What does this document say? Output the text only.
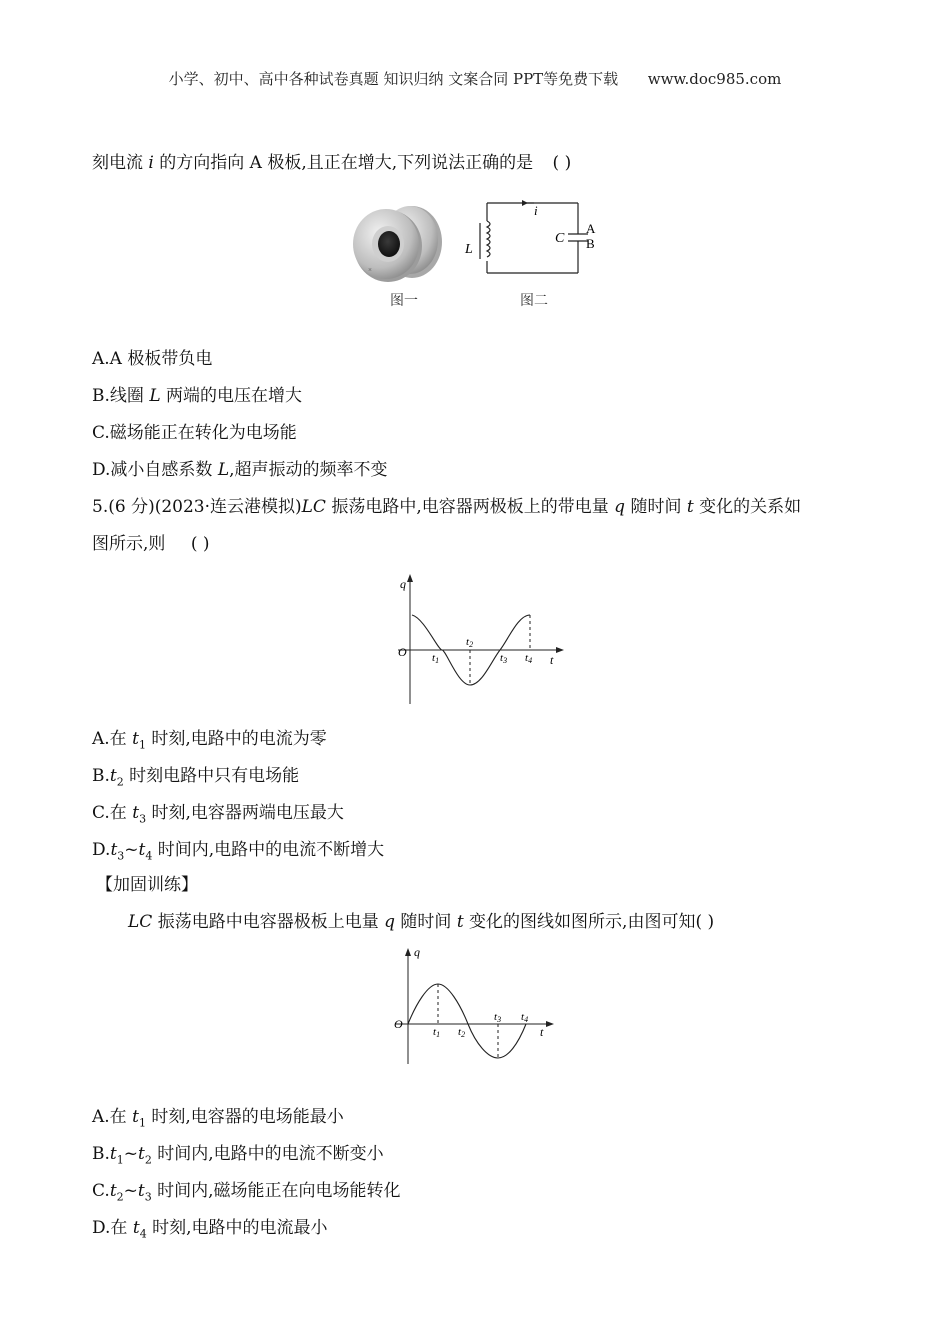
小学、初中、高中各种试卷真题 知识归纳 文案合同 PPT等免费下载 www.doc985.com
刻电流 i 的方向指向 A 极板,且正在增大,下列说法正确的是 ( )
×
图一
i
L
C
A
B
图二
A.A 极板带负电
B.线圈 L 两端的电压在增大
C.磁场能正在转化为电场能
D.减小自感系数 L,超声振动的频率不变
5.(6 分)(2023·连云港模拟)LC 振荡电路中,电容器两极板上的带电量 q 随时间 t 变化的关系如
图所示,则 ( )
q
t
O t1
t2
t3 t4
A.在 $t_1$ 时刻,电路中的电流为零
$B.t_2$ 时刻电路中只有电场能
C.在 $t_3$ 时刻,电容器两端电压最大
$D.t_3\sim t_4$ 时间内,电路中的电流不断增大
【加固训练】
LC 振荡电路中电容器极板上电量 q 随时间 t 变化的图线如图所示,由图可知( )
q
t
O
t1 t2
t3 t4
A.在 $t_1$ 时刻,电容器的电场能最小
$B.t_1\sim t_2$ 时间内,电路中的电流不断变小
$C.t_2\sim t_3$ 时间内,磁场能正在向电场能转化
D.在 $t_4$ 时刻,电路中的电流最小
